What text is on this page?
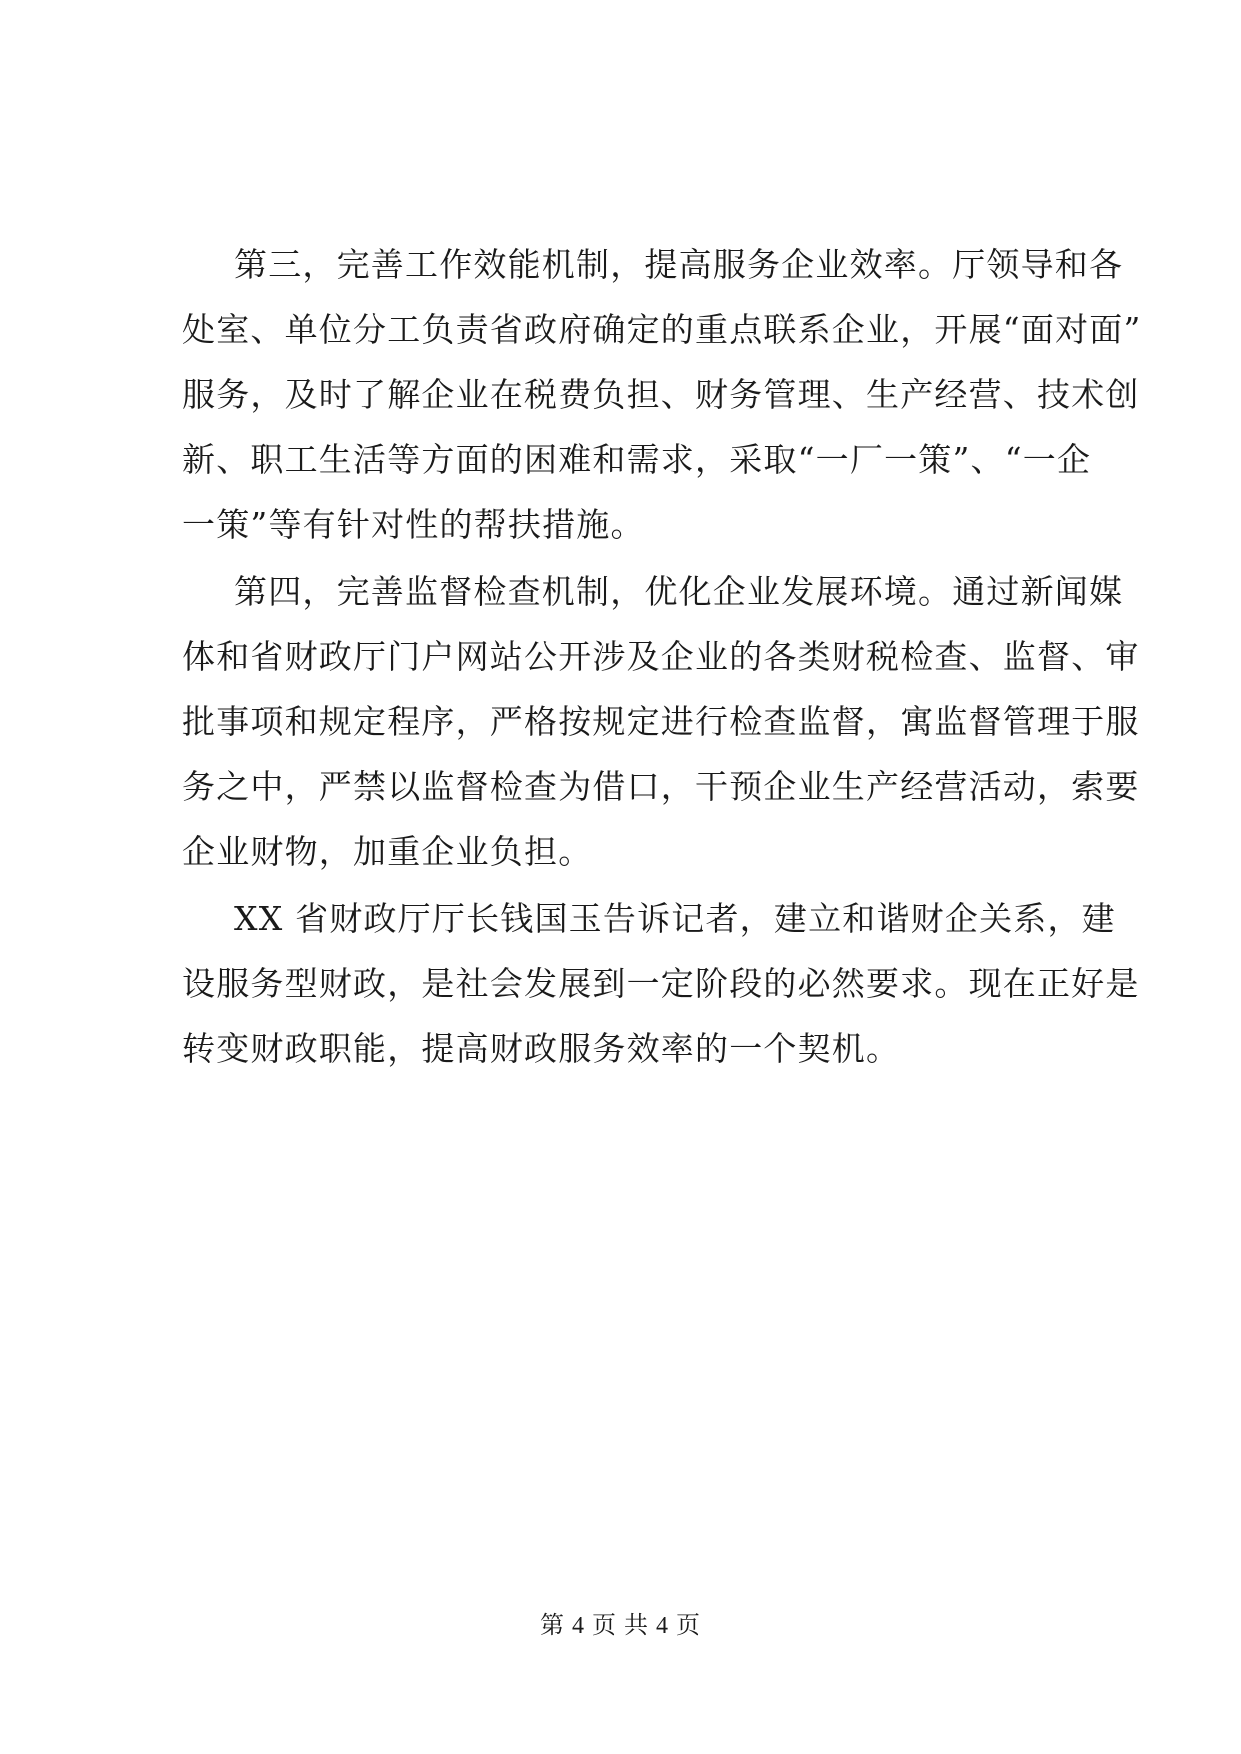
第三，完善工作效能机制，提高服务企业效率。厅领导和各
处室、单位分工负责省政府确定的重点联系企业，开展“面对面”
服务，及时了解企业在税费负担、财务管理、生产经营、技术创
新、职工生活等方面的困难和需求，采取“一厂一策”、“一企
一策”等有针对性的帮扶措施。

第四，完善监督检查机制，优化企业发展环境。通过新闻媒
体和省财政厅门户网站公开涉及企业的各类财税检查、监督、审
批事项和规定程序，严格按规定进行检查监督，寓监督管理于服
务之中，严禁以监督检查为借口，干预企业生产经营活动，索要
企业财物，加重企业负担。

XX 省财政厅厅长钱国玉告诉记者，建立和谐财企关系，建
设服务型财政，是社会发展到一定阶段的必然要求。现在正好是
转变财政职能，提高财政服务效率的一个契机。

第 4 页 共 4 页
